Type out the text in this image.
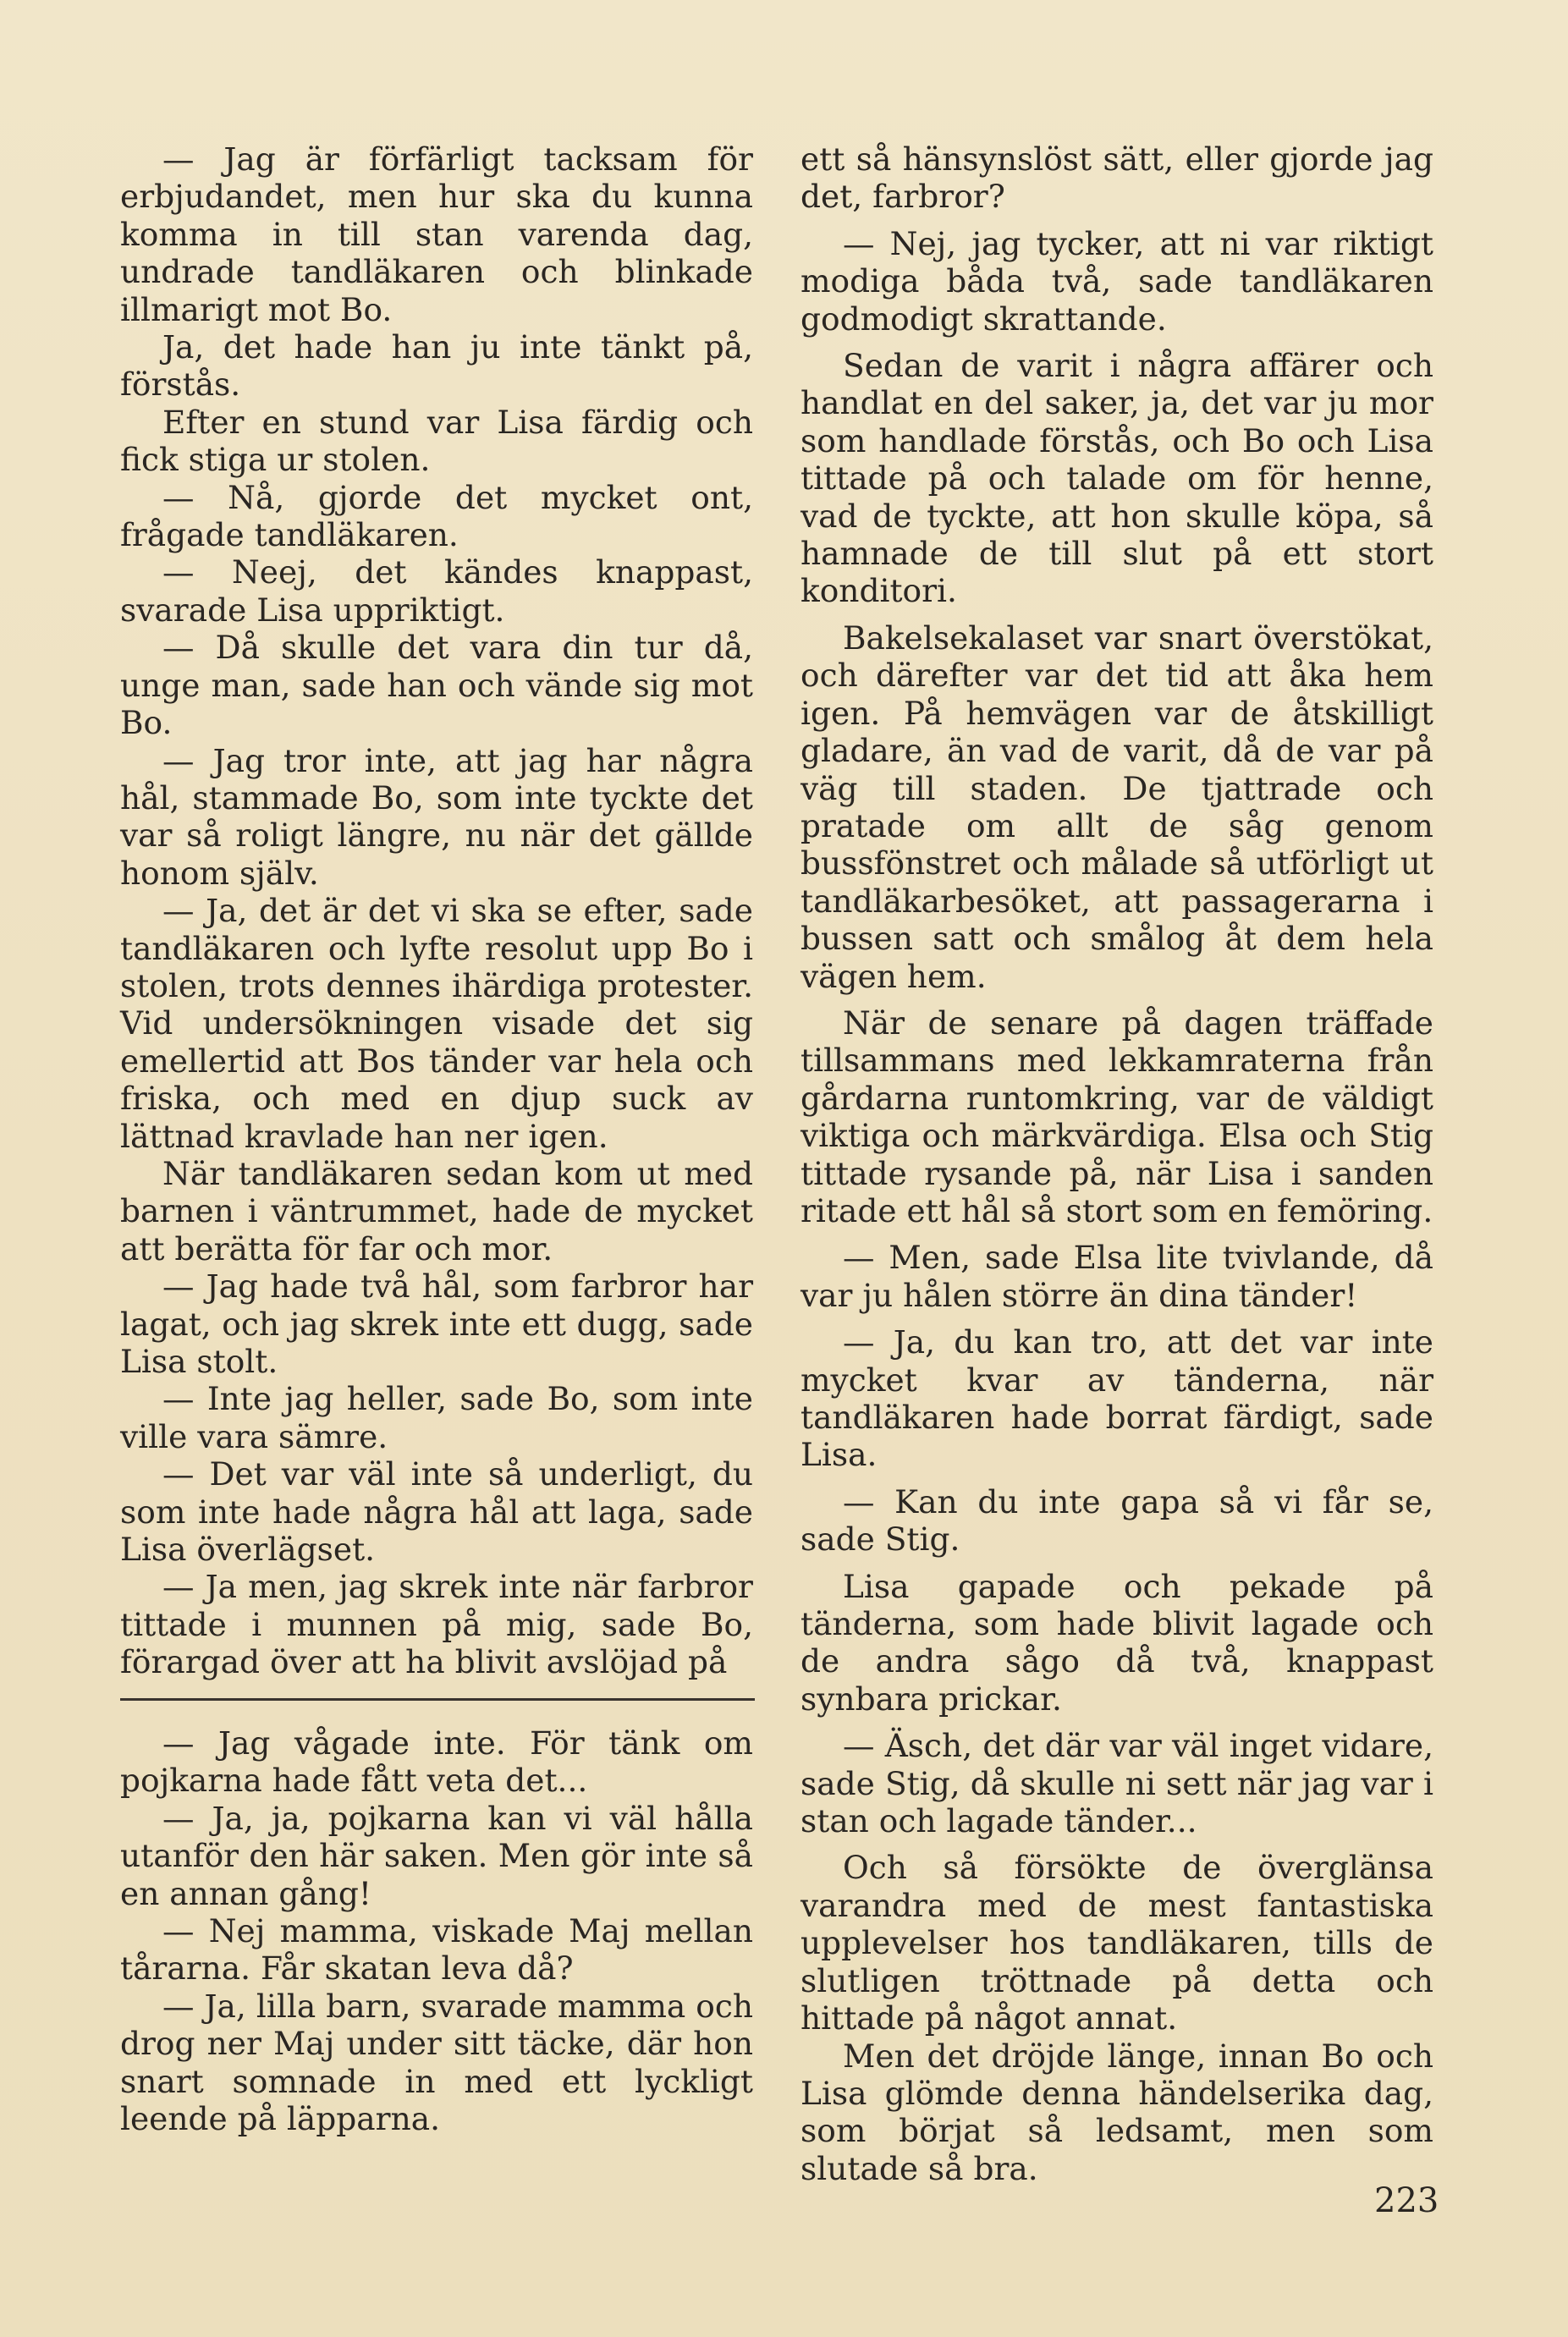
— Jag är förfärligt tacksam för erbjudandet, men hur ska du kunna komma in till stan varenda dag, undrade tandläkaren och blinkade illmarigt mot Bo.

Ja, det hade han ju inte tänkt på, förstås.

Efter en stund var Lisa färdig och fick stiga ur stolen.

— Nå, gjorde det mycket ont, frågade tandläkaren.

— Neej, det kändes knappast, svarade Lisa uppriktigt.

— Då skulle det vara din tur då, unge man, sade han och vände sig mot Bo.

— Jag tror inte, att jag har några hål, stammade Bo, som inte tyckte det var så roligt längre, nu när det gällde honom själv.

— Ja, det är det vi ska se efter, sade tandläkaren och lyfte resolut upp Bo i stolen, trots dennes ihärdiga protester. Vid undersökningen visade det sig emellertid att Bos tänder var hela och friska, och med en djup suck av lättnad kravlade han ner igen.

När tandläkaren sedan kom ut med barnen i väntrummet, hade de mycket att berätta för far och mor.

— Jag hade två hål, som farbror har lagat, och jag skrek inte ett dugg, sade Lisa stolt.

— Inte jag heller, sade Bo, som inte ville vara sämre.

— Det var väl inte så underligt, du som inte hade några hål att laga, sade Lisa överlägset.

— Ja men, jag skrek inte när farbror tittade i munnen på mig, sade Bo, förargad över att ha blivit avslöjad på

— Jag vågade inte. För tänk om pojkarna hade fått veta det...

— Ja, ja, pojkarna kan vi väl hålla utanför den här saken. Men gör inte så en annan gång!

— Nej mamma, viskade Maj mellan tårarna. Får skatan leva då?

— Ja, lilla barn, svarade mamma och drog ner Maj under sitt täcke, där hon snart somnade in med ett lyckligt leende på läpparna.

ett så hänsynslöst sätt, eller gjorde jag det, farbror?

— Nej, jag tycker, att ni var riktigt modiga båda två, sade tandläkaren godmodigt skrattande.

Sedan de varit i några affärer och handlat en del saker, ja, det var ju mor som handlade förstås, och Bo och Lisa tittade på och talade om för henne, vad de tyckte, att hon skulle köpa, så hamnade de till slut på ett stort konditori.

Bakelsekalaset var snart överstökat, och därefter var det tid att åka hem igen. På hemvägen var de åtskilligt gladare, än vad de varit, då de var på väg till staden. De tjattrade och pratade om allt de såg genom bussfönstret och målade så utförligt ut tandläkarbesöket, att passagerarna i bussen satt och smålog åt dem hela vägen hem.

När de senare på dagen träffade tillsammans med lekkamraterna från gårdarna runtomkring, var de väldigt viktiga och märkvärdiga. Elsa och Stig tittade rysande på, när Lisa i sanden ritade ett hål så stort som en femöring.

— Men, sade Elsa lite tvivlande, då var ju hålen större än dina tänder!

— Ja, du kan tro, att det var inte mycket kvar av tänderna, när tandläkaren hade borrat färdigt, sade Lisa.

— Kan du inte gapa så vi får se, sade Stig.

Lisa gapade och pekade på tänderna, som hade blivit lagade och de andra sågo då två, knappast synbara prickar.

— Äsch, det där var väl inget vidare, sade Stig, då skulle ni sett när jag var i stan och lagade tänder...

Och så försökte de överglänsa varandra med de mest fantastiska upplevelser hos tandläkaren, tills de slutligen tröttnade på detta och hittade på något annat.

Men det dröjde länge, innan Bo och Lisa glömde denna händelserika dag, som börjat så ledsamt, men som slutade så bra.

223
